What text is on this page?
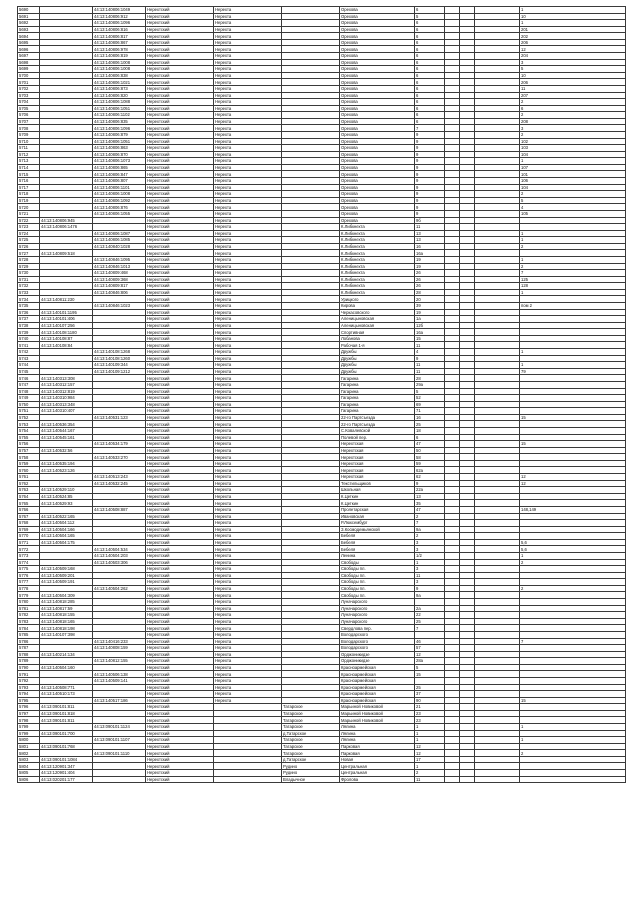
5690		44:13:140806:1049	Нерехтский	Нерехта		Орехова	6				1
5691		44:13:140806:912	Нерехтский	Нерехта		Орехова	5				10
5692		44:13:140806:1096	Нерехтский	Нерехта		Орехова	6				1
5693		44:13:140806:816	Нерехтский	Нерехта		Орехова	6				201
5694		44:13:140806:817	Нерехтский	Нерехта		Орехова	6				202
5695		44:13:140806:867	Нерехтский	Нерехта		Орехова	6				206
5696		44:13:140806:978	Нерехтский	Нерехта		Орехова	6				12
5697		44:13:140806:819	Нерехтский	Нерехта		Орехова	6				204
5698		44:13:140806:1008	Нерехтский	Нерехта		Орехова	6				3
5699		44:13:140806:1008	Нерехтский	Нерехта		Орехова	6				5
5700		44:13:140806:838	Нерехтский	Нерехта		Орехова	6				10
5701		44:13:140806:1021	Нерехтский	Нерехта		Орехова	6				206
5702		44:13:140806:873	Нерехтский	Нерехта		Орехова	6				11
5703		44:13:140806:820	Нерехтский	Нерехта		Орехова	6				207
5704		44:13:140806:1088	Нерехтский	Нерехта		Орехова	6				2
5705		44:13:140806:1051	Нерехтский	Нерехта		Орехова	6				6
5706		44:13:140806:1102	Нерехтский	Нерехта		Орехова	6				2
5707		44:13:140806:835	Нерехтский	Нерехта		Орехова	6				208
5708		44:13:140806:1096	Нерехтский	Нерехта		Орехова	7				3
5709		44:13:140806:879	Нерехтский	Нерехта		Орехова	9				2
5710		44:13:140806:1051	Нерехтский	Нерехта		Орехова	9				102
5711		44:13:140806:863	Нерехтский	Нерехта		Орехова	9				103
5712		44:13:140806:870	Нерехтский	Нерехта		Орехова	9				104
5713		44:13:140806:1073	Нерехтский	Нерехта		Орехова	9				1
5714		44:13:140806:865	Нерехтский	Нерехта		Орехова	9				107
5715		44:13:140806:847	Нерехтский	Нерехта		Орехова	9				101
5716		44:13:140806:807	Нерехтский	Нерехта		Орехова	9				106
5717		44:13:140806:1101	Нерехтский	Нерехта		Орехова	9				104
5718		44:13:140806:1008	Нерехтский	Нерехта		Орехова	9				2
5719		44:13:140806:1092	Нерехтский	Нерехта		Орехова	9				5
5720		44:13:140806:876	Нерехтский	Нерехта		Орехова	9				4
5721		44:13:140806:1055	Нерехтский	Нерехта		Орехова	9				105
5722	44:13:140806:945		Нерехтский	Нерехта		Орехова	9б				
5723	44:13:140806:1476		Нерехтский	Нерехта		К.Либкнехта	11				
5724		44:13:140806:1087	Нерехтский	Нерехта		К.Либкнехта	13				1
5725		44:13:140806:1085	Нерехтский	Нерехта		К.Либкнехта	13				1
5726		44:13:140840:1028	Нерехтский	Нерехта		К.Либкнехта	16				2
5727	44:13:140809:518		Нерехтский	Нерехта		К.Либкнехта	16а				
5728		44:13:140846:1095	Нерехтский	Нерехта		К.Либкнехта	19				1
5729		44:13:140846:1013	Нерехтский	Нерехта		К.Либкнехта	19				2
5730		44:13:140809:468	Нерехтский	Нерехта		К.Либкнехта	26				7
5731		44:13:140809:368	Нерехтский	Нерехта		К.Либкнехта	26				125
5732		44:13:140809:817	Нерехтский	Нерехта		К.Либкнехта	26				128
5733		44:13:140846:806	Нерехтский	Нерехта		К.Либкнехта	28				1
5734	44:13:140811:230		Нерехтский	Нерехта		Урицкого	20				
5735		44:13:140846:1023	Нерехтский	Нерехта		Кирова	39				пом 2
5736	44:13:140101:1195		Нерехтский	Нерехта		Черкасовского	19				
5737	44:13:140101:406		Нерехтский	Нерехта		Аленицыновская	1а				
5738	44:13:140107:256		Нерехтский	Нерехта		Аленицыновская	12б				
5739	44:13:140108:1180		Нерехтский	Нерехта		Спортивная	16а				
5740	44:13:140108:87		Нерехтский	Нерехта		Лобанова	15				
5741	44:13:140108:84		Нерехтский	Нерехта		Рабочая 1-я	11				
5742		44:13:140108:1268	Нерехтский	Нерехта		Дружбы	4				1
5743		44:13:140108:1260	Нерехтский	Нерехта		Дружбы	9				
5744		44:13:140109:344	Нерехтский	Нерехта		Дружбы	11				1
5745		44:13:140109:1212	Нерехтский	Нерехта		Дружбы	11				79
5746	44:13:140313:308		Нерехтский	Нерехта		Гагарина	28				
5747	44:13:140312:157		Нерехтский	Нерехта		Гагарина	29а				
5748	44:13:140312:819		Нерехтский	Нерехта		Гагарина	5				
5749	44:13:140310:984		Нерехтский	Нерехта		Гагарина	52				
5750	44:13:140313:348		Нерехтский	Нерехта		Гагарина	69				
5751	44:13:140310:407		Нерехтский	Нерехта		Гагарина	71				
5752		44:13:140531:123	Нерехтский	Нерехта		22-го Партсъезда	16				15
5753	44:13:140536:354		Нерехтский	Нерехта		22-го Партсъезда	25				
5754	44:13:140544:167		Нерехтский	Нерехта		С.Ковалевской	18				
5755	44:13:140545:161		Нерехтский	Нерехта		Полевой пер.	6				
5756		44:13:140534:179	Нерехтский	Нерехта		Нерехтская	47				15
5757	44:13:140532:56		Нерехтский	Нерехта		Нерехтская	50				
5758		44:13:140533:270	Нерехтский	Нерехта		Нерехтская	58				
5759	44:13:140535:194		Нерехтский	Нерехта		Нерехтская	59				
5760	44:13:140523:126		Нерехтский	Нерехта		Нерехтская	62а				
5761		44:13:140513:243	Нерехтский	Нерехта		Нерехтская	62				12
5762		44:13:140532:245	Нерехтский	Нерехта		Текстильщиков	9				12
5763	44:13:140529:110		Нерехтский	Нерехта		Школьная	22а				
5764	44:13:140524:85		Нерехтский	Нерехта		К.Цеткин	13				
5765	44:13:140529:93		Нерехтский	Нерехта		К.Цеткин	35				
5766		44:13:140508:887	Нерехтский	Нерехта		Пролетарская	47				148,149
5767	44:13:140522:165		Нерехтский	Нерехта		Ивановская	2				
5768	44:13:140504:112		Нерехтский	Нерехта		Р.Люксембург	7				
5769	44:13:140504:166		Нерехтский	Нерехта		З.Космодемьянской	9а				
5770	44:13:140504:165		Нерехтский	Нерехта		Бебеля	2				
5771	44:13:140504:175		Нерехтский	Нерехта		Бебеля	3				5,6
5772		44:13:140504:534	Нерехтский	Нерехта		Бебеля	3				5,6
5773		44:13:140504:203	Нерехтский	Нерехта		Ленина	1/2				1
5774		44:13:140503:306	Нерехтский	Нерехта		Свободы	1				2
5775	44:13:140509:168		Нерехтский	Нерехта		Свободы пл.	3				
5776	44:13:140509:201		Нерехтский	Нерехта		Свободы пл.	11				
5777	44:13:140509:191		Нерехтский	Нерехта		Свободы пл.	3				
5778		44:13:140504:262	Нерехтский	Нерехта		Свободы пл.	9				2
5779	44:13:140504:309		Нерехтский	Нерехта		Свободы пл.	9а				
5780	44:13:140818:285		Нерехтский	Нерехта		Луначарского					
5781	44:13:140817:59		Нерехтский	Нерехта		Луначарского	2а				
5782	44:13:140818:155		Нерехтский	Нерехта		Луначарского	22				
5783	44:13:140818:165		Нерехтский	Нерехта		Луначарского	25				
5784	44:13:140818:198		Нерехтский	Нерехта		Свердлова пер.	7				
5785	44:13:140107:398		Нерехтский	Нерехта		Володарского					
5786		44:13:140416:233	Нерехтский	Нерехта		Володарского	46				7
5787		44:13:140808:159	Нерехтский	Нерехта		Володарского	57				
5788	44:13:140214:134		Нерехтский	Нерехта		Орджоникидзе	12				
5789		44:13:140812:155	Нерехтский	Нерехта		Орджоникидзе	28а				
5790	44:13:140504:160		Нерехтский	Нерехта		Красноармейская	5				
5791		44:13:140506:138	Нерехтский	Нерехта		Красноармейская	15				
5792		44:13:140509:141	Нерехтский	Нерехта		Красноармейская					
5793	44:13:140508:771		Нерехтский	Нерехта		Красноармейская	25				
5794	44:13:140510:173		Нерехтский	Нерехта		Красноармейская	37				
5795		44:13:140517:186	Нерехтский	Нерехта		Красноармейская	90				15
5796	44:13:090101:811		Нерехтский		Татарское	Марьиной Новиковой	21				
5797	44:13:090101:818		Нерехтский		Татарское	Марьиной Новиковой	23				
5798	44:13:090101:811		Нерехтский		Татарское	Марьиной Новиковой	23				
5799		44:13:090101:1124	Нерехтский		Татарское	Лялина	1				1
5799	44:13:090101:700		Нерехтский		д.Татарское	Лялина	1				
5800		44:13:090101:1107	Нерехтский		Татарское	Лялина	1				1
5801	44:13:090101:768		Нерехтский		Татарское	Парковая	12				
5802		44:13:090101:1110	Нерехтский		Татарское	Парковая	12				2
5803	44:13:090101:1084		Нерехтский		д.Татарское	Новая	17				
5804	44:13:120901:347		Нерехтский		Рудино	Центральная	1				
5805	44:13:120901:404		Нерехтский		Рудино	Центральная	2				
5806	44:13:020201:177		Нерехтский		Владычное	Фролова	11				
